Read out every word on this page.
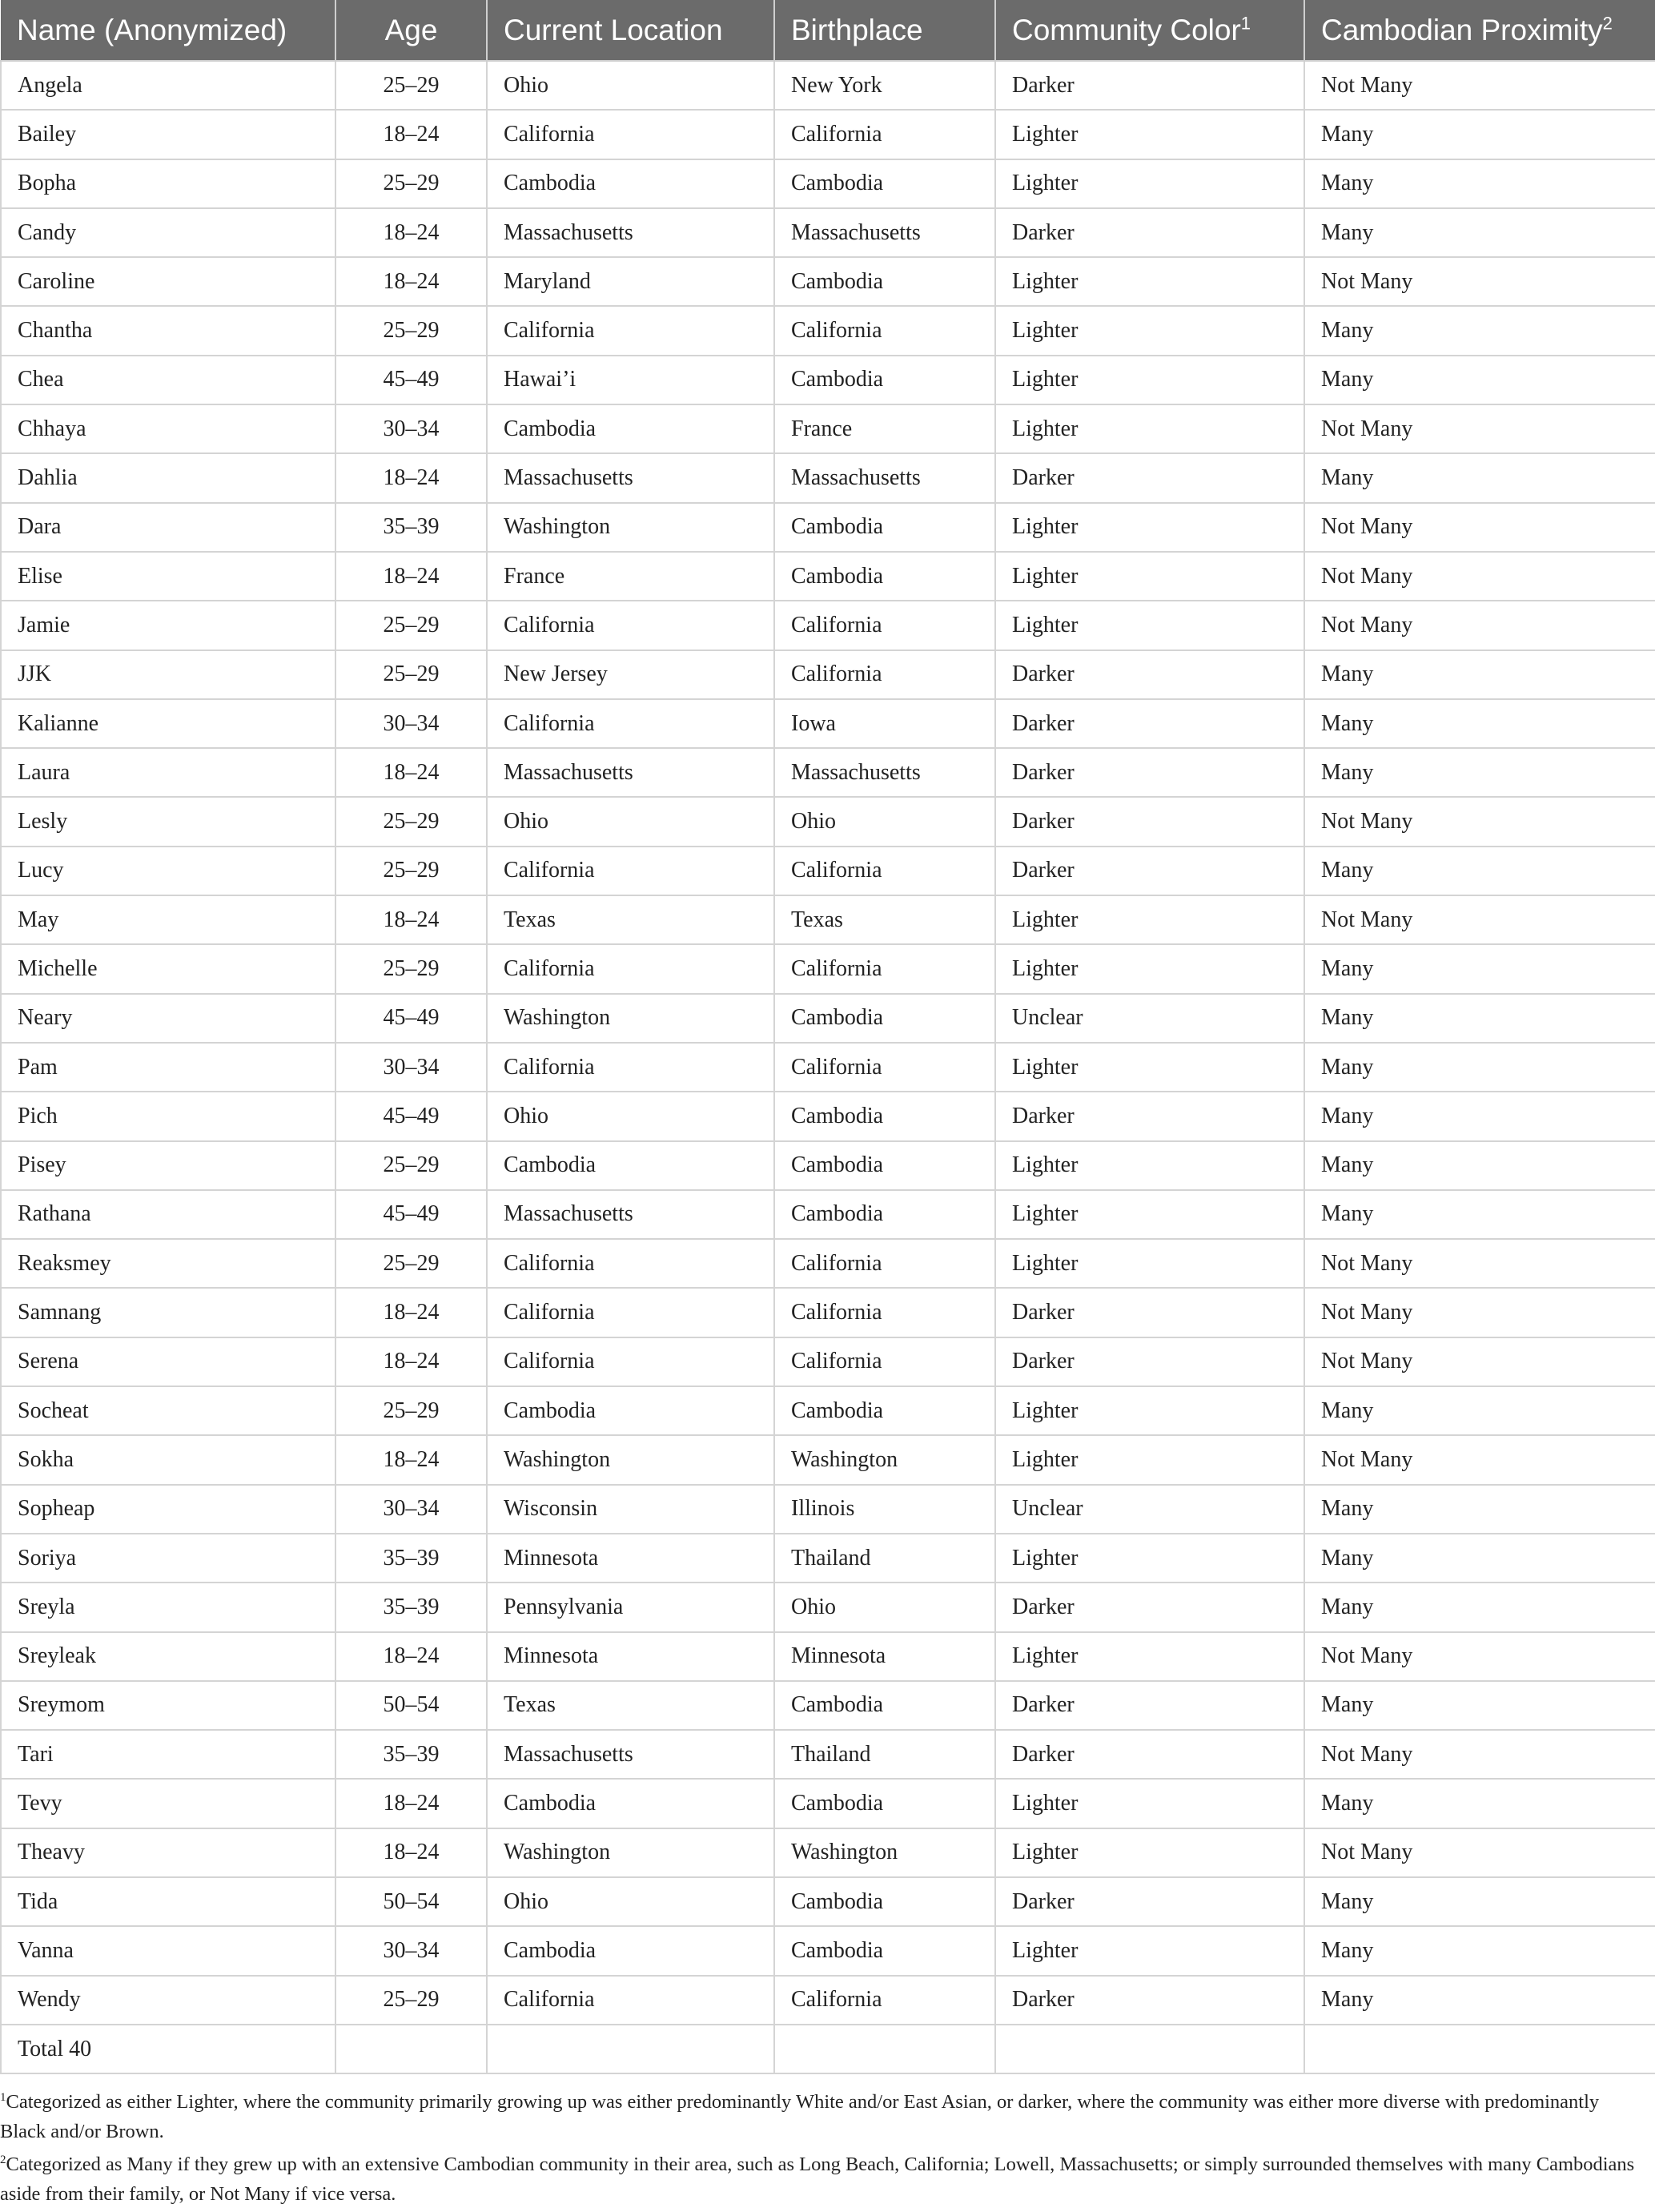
Name (Anonymized)	Age	Current Location	Birthplace	Community Color$^1$	Cambodian Proximity$^2$
Angela	25–29	Ohio	New York	Darker	Not Many
Bailey	18–24	California	California	Lighter	Many
Bopha	25–29	Cambodia	Cambodia	Lighter	Many
Candy	18–24	Massachusetts	Massachusetts	Darker	Many
Caroline	18–24	Maryland	Cambodia	Lighter	Not Many
Chantha	25–29	California	California	Lighter	Many
Chea	45–49	Hawai’i	Cambodia	Lighter	Many
Chhaya	30–34	Cambodia	France	Lighter	Not Many
Dahlia	18–24	Massachusetts	Massachusetts	Darker	Many
Dara	35–39	Washington	Cambodia	Lighter	Not Many
Elise	18–24	France	Cambodia	Lighter	Not Many
Jamie	25–29	California	California	Lighter	Not Many
JJK	25–29	New Jersey	California	Darker	Many
Kalianne	30–34	California	Iowa	Darker	Many
Laura	18–24	Massachusetts	Massachusetts	Darker	Many
Lesly	25–29	Ohio	Ohio	Darker	Not Many
Lucy	25–29	California	California	Darker	Many
May	18–24	Texas	Texas	Lighter	Not Many
Michelle	25–29	California	California	Lighter	Many
Neary	45–49	Washington	Cambodia	Unclear	Many
Pam	30–34	California	California	Lighter	Many
Pich	45–49	Ohio	Cambodia	Darker	Many
Pisey	25–29	Cambodia	Cambodia	Lighter	Many
Rathana	45–49	Massachusetts	Cambodia	Lighter	Many
Reaksmey	25–29	California	California	Lighter	Not Many
Samnang	18–24	California	California	Darker	Not Many
Serena	18–24	California	California	Darker	Not Many
Socheat	25–29	Cambodia	Cambodia	Lighter	Many
Sokha	18–24	Washington	Washington	Lighter	Not Many
Sopheap	30–34	Wisconsin	Illinois	Unclear	Many
Soriya	35–39	Minnesota	Thailand	Lighter	Many
Sreyla	35–39	Pennsylvania	Ohio	Darker	Many
Sreyleak	18–24	Minnesota	Minnesota	Lighter	Not Many
Sreymom	50–54	Texas	Cambodia	Darker	Many
Tari	35–39	Massachusetts	Thailand	Darker	Not Many
Tevy	18–24	Cambodia	Cambodia	Lighter	Many
Theavy	18–24	Washington	Washington	Lighter	Not Many
Tida	50–54	Ohio	Cambodia	Darker	Many
Vanna	30–34	Cambodia	Cambodia	Lighter	Many
Wendy	25–29	California	California	Darker	Many
Total 40					

$^1$Categorized as either Lighter, where the community primarily growing up was either predominantly White and/or East Asian, or darker, where the community was either more diverse with predominantly Black and/or Brown.

$^2$Categorized as Many if they grew up with an extensive Cambodian community in their area, such as Long Beach, California; Lowell, Massachusetts; or simply surrounded themselves with many Cambodians aside from their family, or Not Many if vice versa.
